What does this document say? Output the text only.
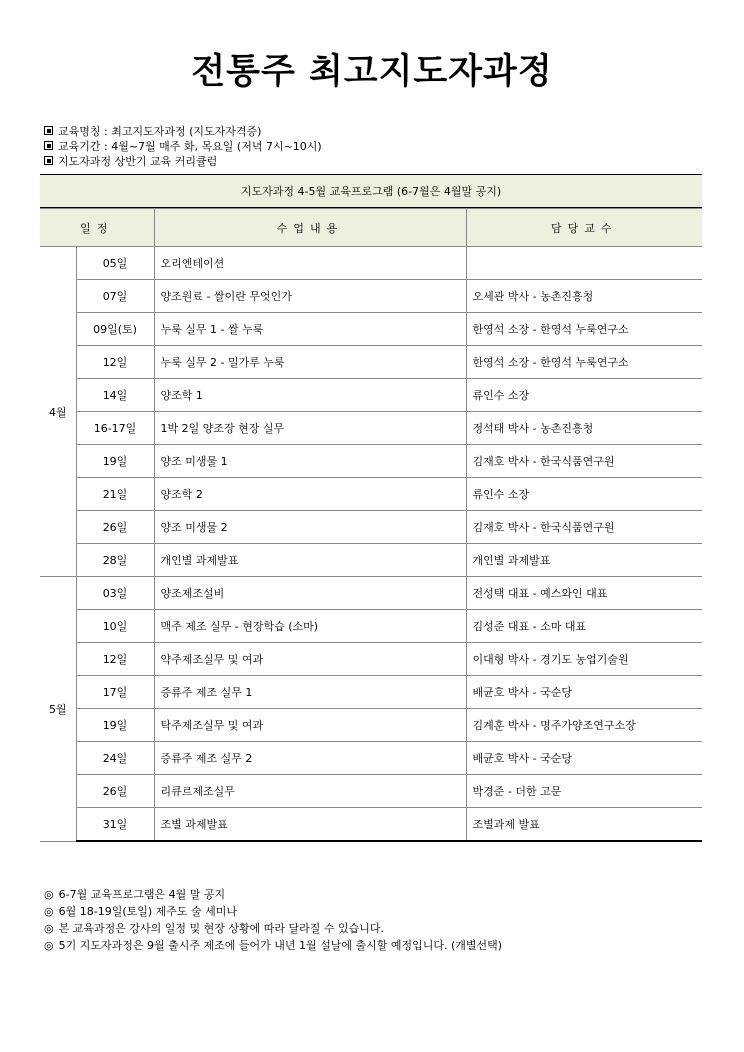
전통주 최고지도자과정
교육명칭 : 최고지도자과정 (지도자자격증)
교육기간 : 4월~7월 매주 화, 목요일 (저녁 7시~10시)
지도자과정 상반기 교육 커리큘럼
지도자과정 4-5월 교육프로그램 (6-7월은 4월말 공지)
일정		수업내용	담당교수
4월	05일	오리엔테이션	
	07일	양조원료 - 쌀이란 무엇인가	오세관 박사 - 농촌진흥청
	09일(토)	누룩 실무 1 - 쌀 누룩	한영석 소장 - 한영석 누룩연구소
	12일	누룩 실무 2 - 밀가루 누룩	한영석 소장 - 한영석 누룩연구소
	14일	양조학 1	류인수 소장
	16-17일	1박 2일 양조장 현장 실무	정석태 박사 - 농촌진흥청
	19일	양조 미생물 1	김재호 박사 - 한국식품연구원
	21일	양조학 2	류인수 소장
	26일	양조 미생물 2	김재호 박사 - 한국식품연구원
	28일	개인별 과제발표	개인별 과제발표
5월	03일	양조제조설비	전성택 대표 - 예스와인 대표
	10일	맥주 제조 실무 - 현장학습 (소마)	김성준 대표 - 소마 대표
	12일	약주제조실무 및 여과	이대형 박사 - 경기도 농업기술원
	17일	증류주 제조 실무 1	배균호 박사 - 국순당
	19일	탁주제조실무 및 여과	김계훈 박사 - 명주가양조연구소장
	24일	증류주 제조 실무 2	배균호 박사 - 국순당
	26일	리큐르제조실무	박경준 - 더한 고문
	31일	조별 과제발표	조별과제 발표
◎ 6-7월 교육프로그램은 4월 말 공지
◎ 6월 18-19일(토일) 제주도 술 세미나
◎ 본 교육과정은 강사의 일정 및 현장 상황에 따라 달라질 수 있습니다.
◎ 5기 지도자과정은 9월 출시주 제조에 들어가 내년 1월 설날에 출시할 예정입니다. (개별선택)
